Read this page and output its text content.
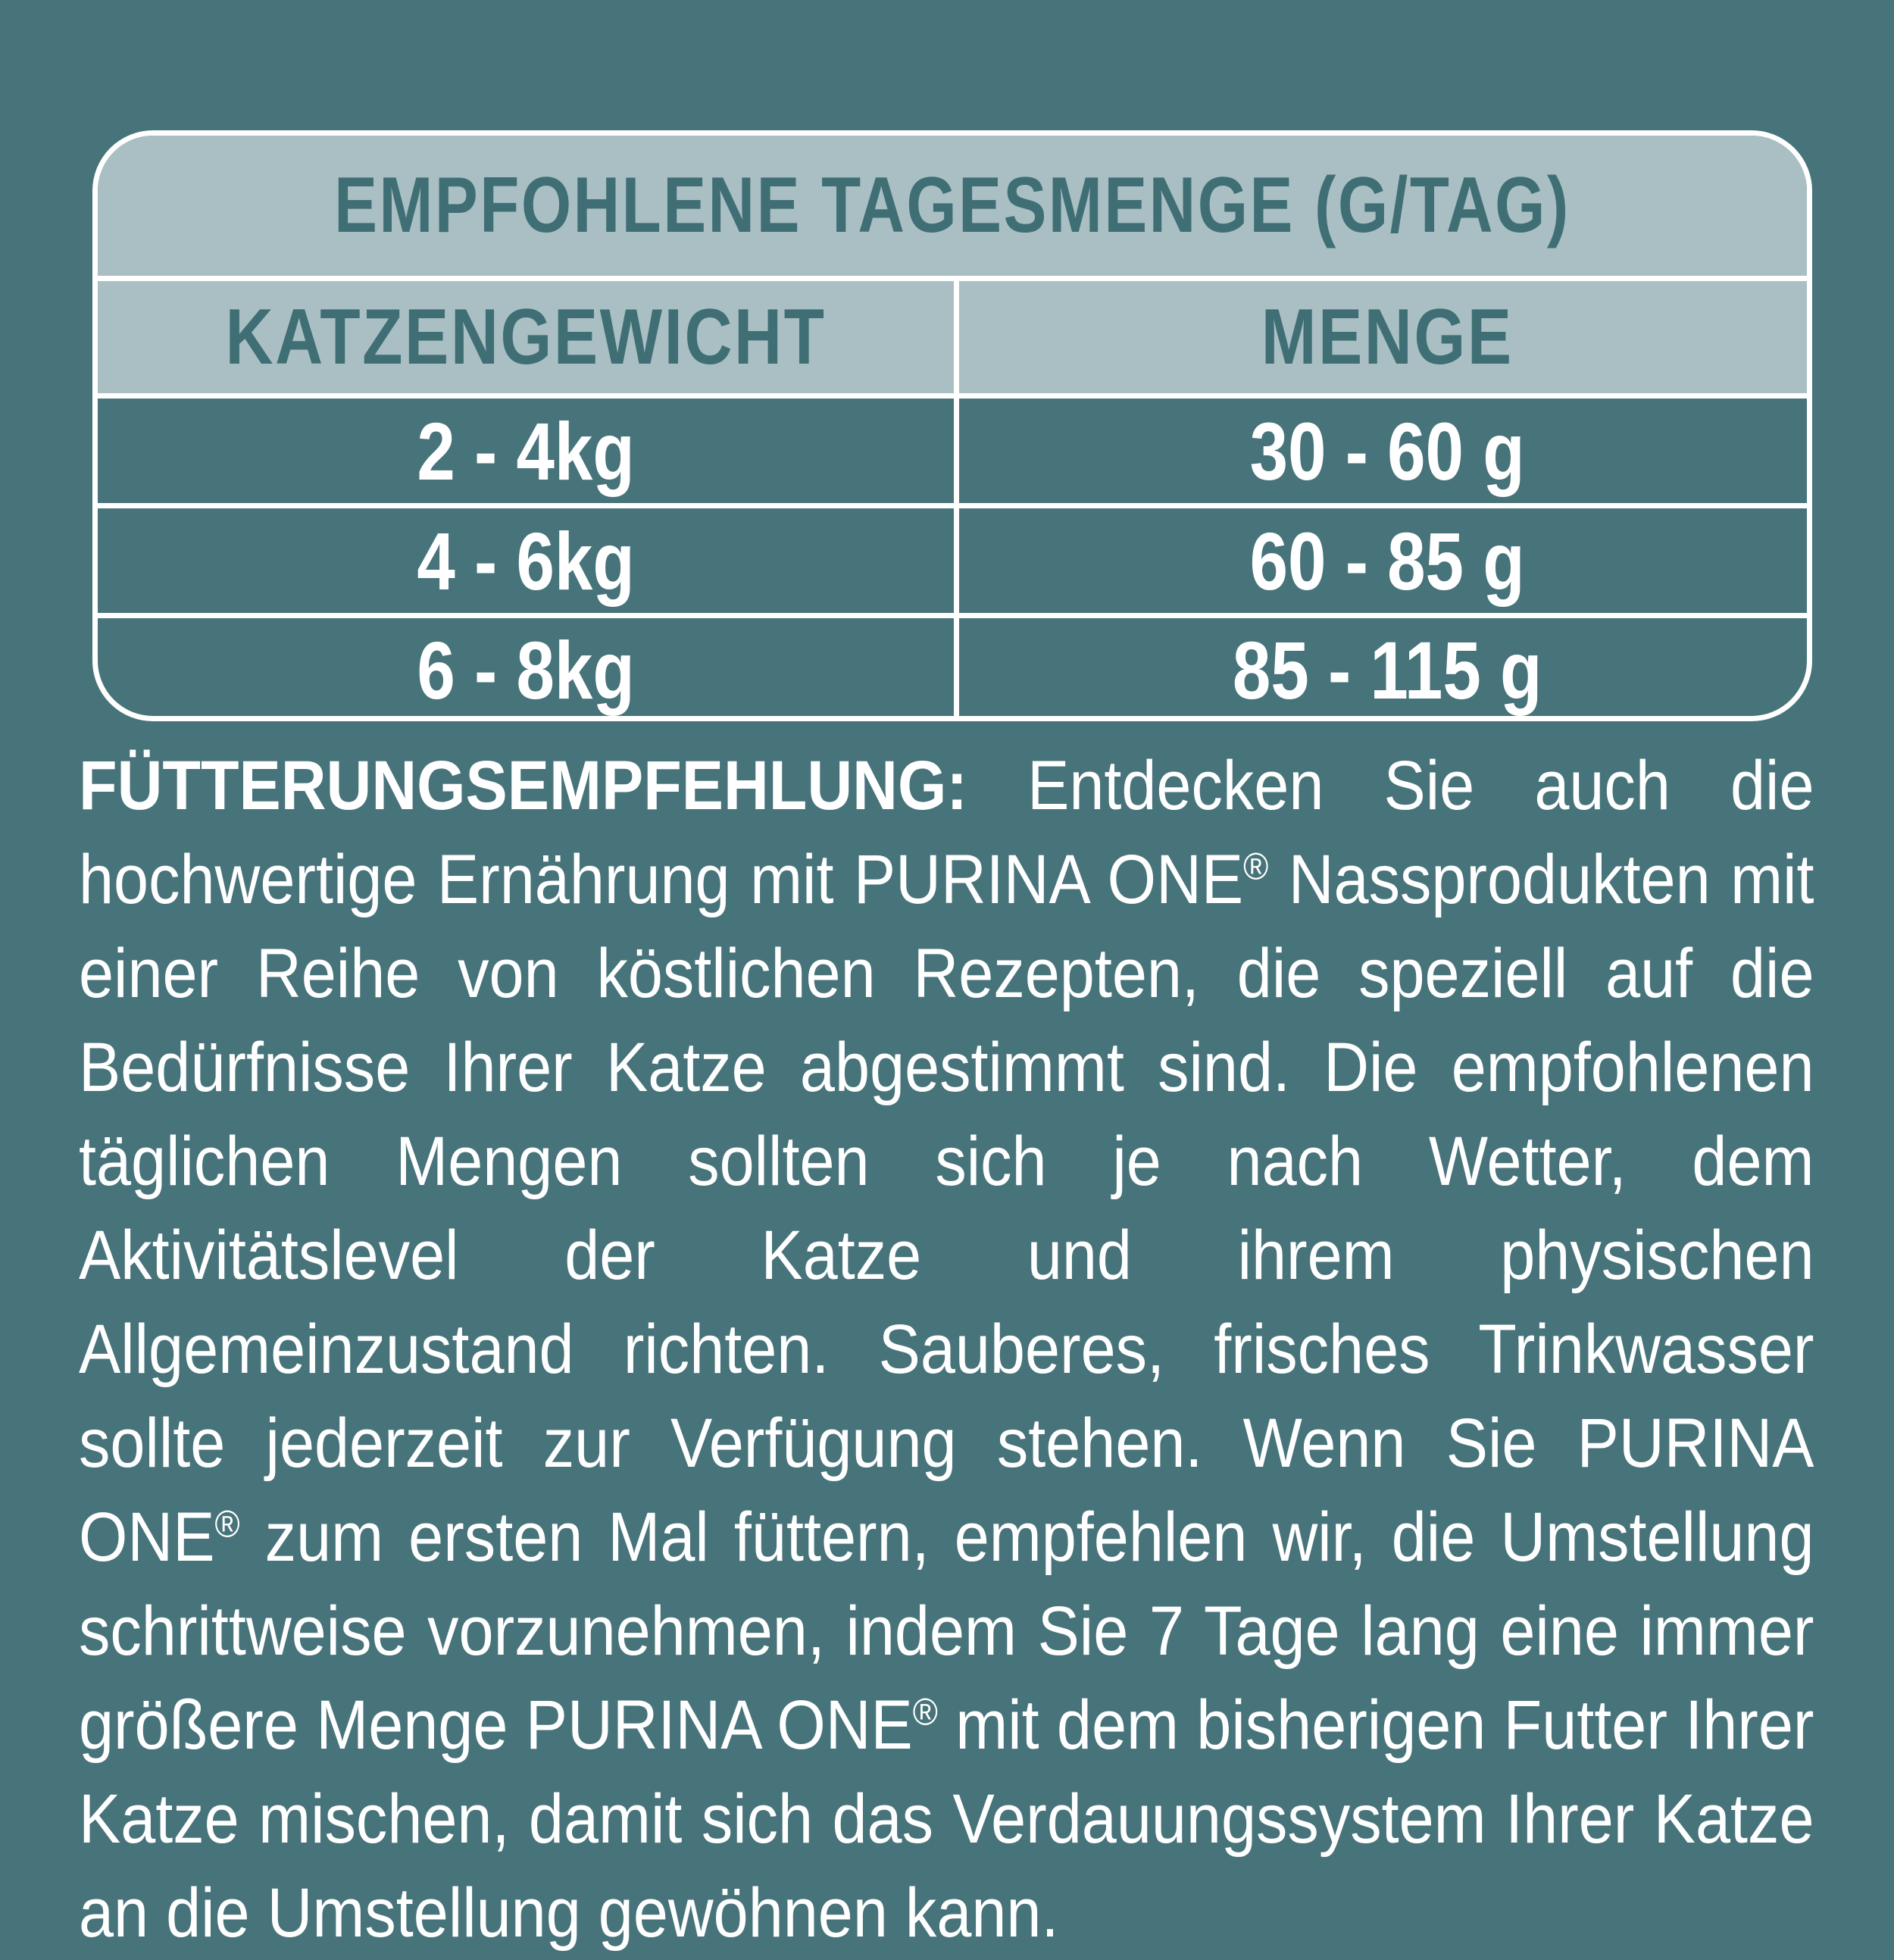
EMPFOHLENE TAGESMENGE (G/TAG)
KATZENGEWICHT	MENGE
2 - 4kg	30 - 60 g
4 - 6kg	60 - 85 g
6 - 8kg	85 - 115 g
FÜTTERUNGSEMPFEHLUNG: Entdecken Sie auch die hochwertige Ernährung mit PURINA ONE® Nassprodukten mit einer Reihe von köstlichen Rezepten, die speziell auf die Bedürfnisse Ihrer Katze abgestimmt sind. Die empfohlenen täglichen Mengen sollten sich je nach Wetter, dem Aktivitätslevel der Katze und ihrem physischen Allgemeinzustand richten. Sauberes, frisches Trinkwasser sollte jederzeit zur Verfügung stehen. Wenn Sie PURINA ONE® zum ersten Mal füttern, empfehlen wir, die Umstellung schrittweise vorzunehmen, indem Sie 7 Tage lang eine immer größere Menge PURINA ONE® mit dem bisherigen Futter Ihrer Katze mischen, damit sich das Verdauungssystem Ihrer Katze an die Umstellung gewöhnen kann.
